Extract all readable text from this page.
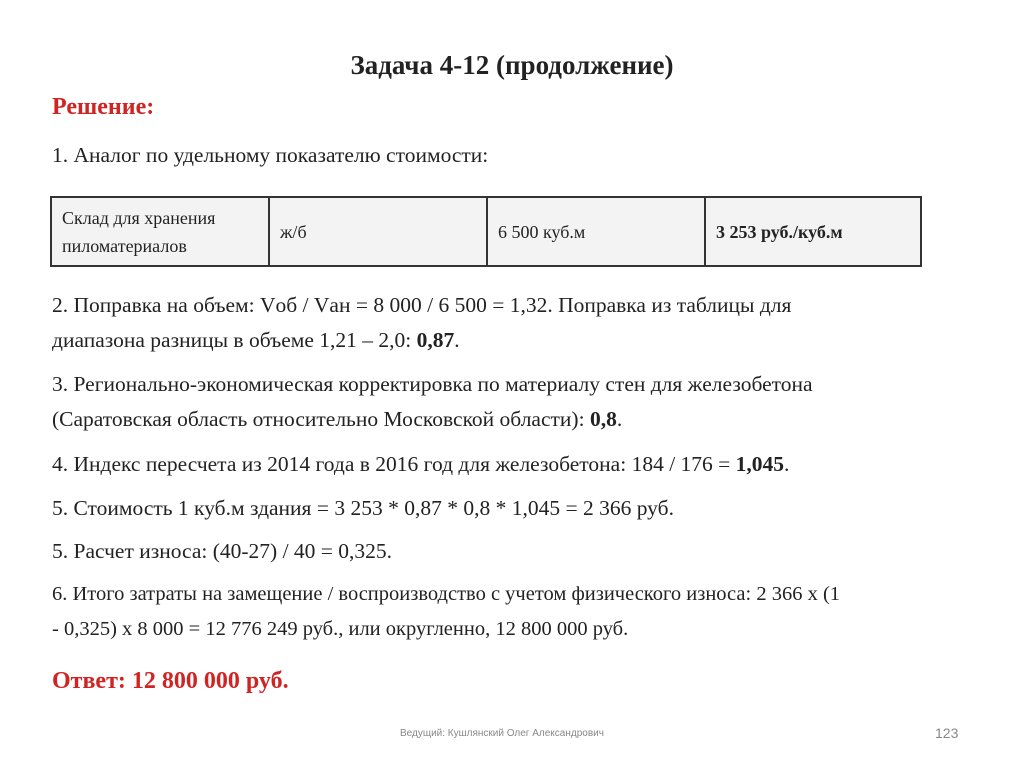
Задача 4-12 (продолжение)
Решение:
1. Аналог по удельному показателю стоимости:
Склад для хранения пиломатериалов	ж/б	6 500 куб.м	3 253 руб./куб.м
2. Поправка на объем: Vоб / Vан = 8 000 / 6 500 = 1,32. Поправка из таблицы для
диапазона разницы в объеме 1,21 – 2,0: 0,87.
3. Регионально-экономическая корректировка по материалу стен для железобетона
(Саратовская область относительно Московской области): 0,8.
4. Индекс пересчета из 2014 года в 2016 год для железобетона: 184 / 176 = 1,045.
5. Стоимость 1 куб.м здания = 3 253 * 0,87 * 0,8 * 1,045 = 2 366 руб.
5. Расчет износа: (40-27) / 40 = 0,325.
6. Итого затраты на замещение / воспроизводство с учетом физического износа: 2 366 х (1
- 0,325) х 8 000 = 12 776 249 руб., или округленно, 12 800 000 руб.
Ответ: 12 800 000 руб.
Ведущий: Кушлянский Олег Александрович	123
